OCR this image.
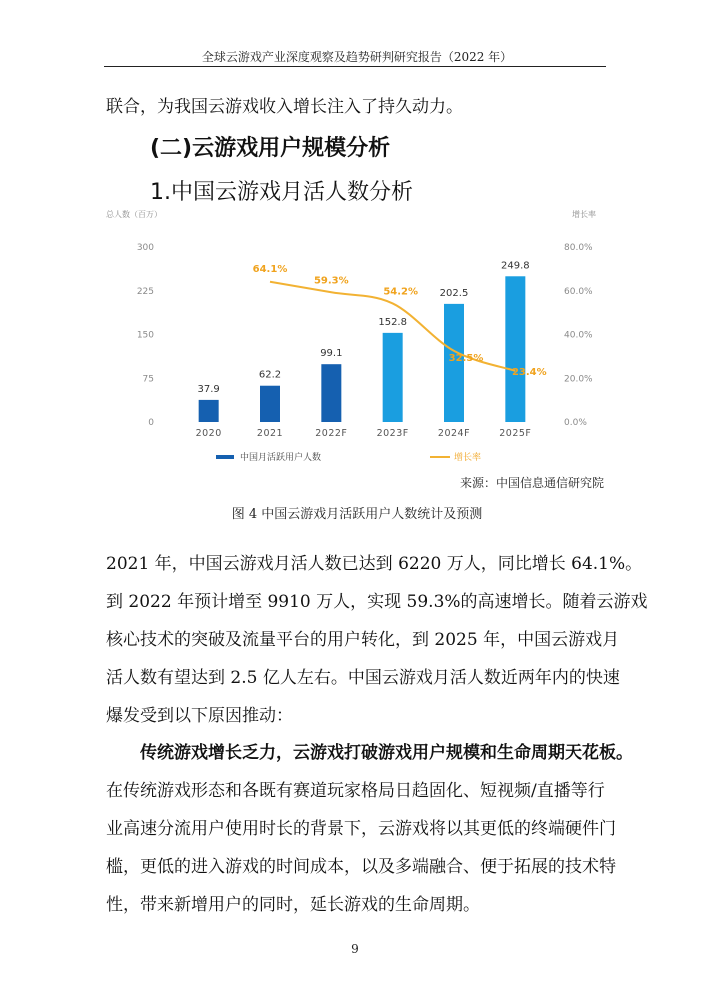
全球云游戏产业深度观察及趋势研判研究报告（2022 年）
联合，为我国云游戏收入增长注入了持久动力。
(二)云游戏用户规模分析
1.中国云游戏月活人数分析
总人数（百万）	增长率
0
75
150
225
300
0.0%
20.0%
40.0%
60.0%
80.0%
37.9
62.2
99.1
152.8
202.5
249.8
2020	2021	2022F	2023F	2024F	2025F
64.1%
59.3%
54.2%
32.5%
23.4%
中国月活跃用户人数	增长率
来源：中国信息通信研究院
图 4 中国云游戏月活跃用户人数统计及预测
2021 年，中国云游戏月活人数已达到 6220 万人，同比增长 64.1%。
到 2022 年预计增至 9910 万人，实现 59.3%的高速增长。随着云游戏
核心技术的突破及流量平台的用户转化，到 2025 年，中国云游戏月
活人数有望达到 2.5 亿人左右。中国云游戏月活人数近两年内的快速
爆发受到以下原因推动：
传统游戏增长乏力，云游戏打破游戏用户规模和生命周期天花板。
在传统游戏形态和各既有赛道玩家格局日趋固化、短视频/直播等行
业高速分流用户使用时长的背景下，云游戏将以其更低的终端硬件门
槛，更低的进入游戏的时间成本，以及多端融合、便于拓展的技术特
性，带来新增用户的同时，延长游戏的生命周期。
9
